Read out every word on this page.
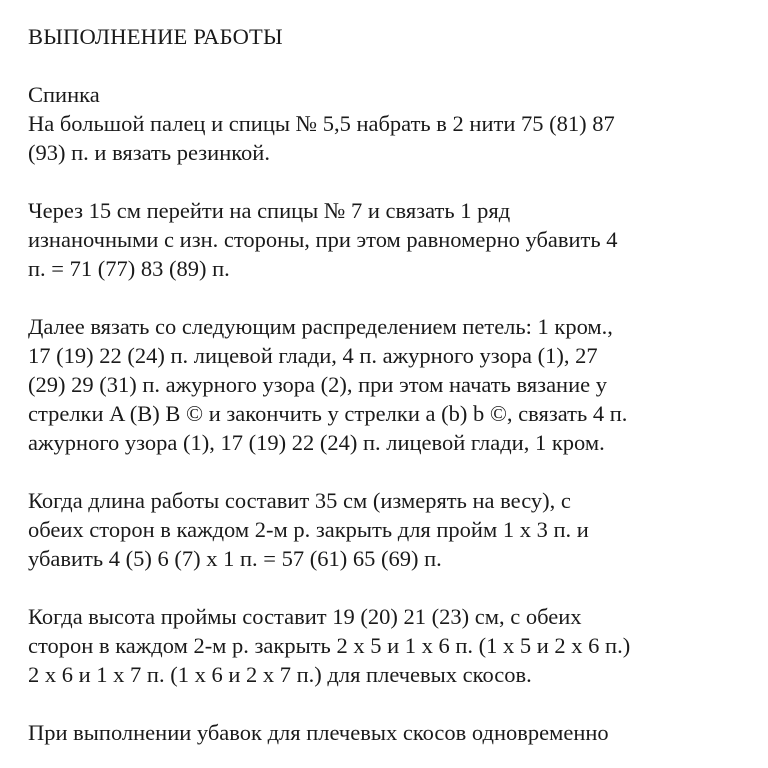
ВЫПОЛНЕНИЕ РАБОТЫ
Спинка
На большой палец и спицы № 5,5 набрать в 2 нити 75 (81) 87
(93) п. и вязать резинкой.
Через 15 см перейти на спицы № 7 и связать 1 ряд
изнаночными с изн. стороны, при этом равномерно убавить 4
п. = 71 (77) 83 (89) п.
Далее вязать со следующим распределением петель: 1 кром.,
17 (19) 22 (24) п. лицевой глади, 4 п. ажурного узора (1), 27
(29) 29 (31) п. ажурного узора (2), при этом начать вязание у
стрелки A (B) B © и закончить у стрелки a (b) b ©, связать 4 п.
ажурного узора (1), 17 (19) 22 (24) п. лицевой глади, 1 кром.
Когда длина работы составит 35 см (измерять на весу), с
обеих сторон в каждом 2-м р. закрыть для пройм 1 х 3 п. и
убавить 4 (5) 6 (7) х 1 п. = 57 (61) 65 (69) п.
Когда высота проймы составит 19 (20) 21 (23) см, с обеих
сторон в каждом 2-м р. закрыть 2 х 5 и 1 х 6 п. (1 х 5 и 2 х 6 п.)
2 х 6 и 1 х 7 п. (1 х 6 и 2 х 7 п.) для плечевых скосов.
При выполнении убавок для плечевых скосов одновременно
